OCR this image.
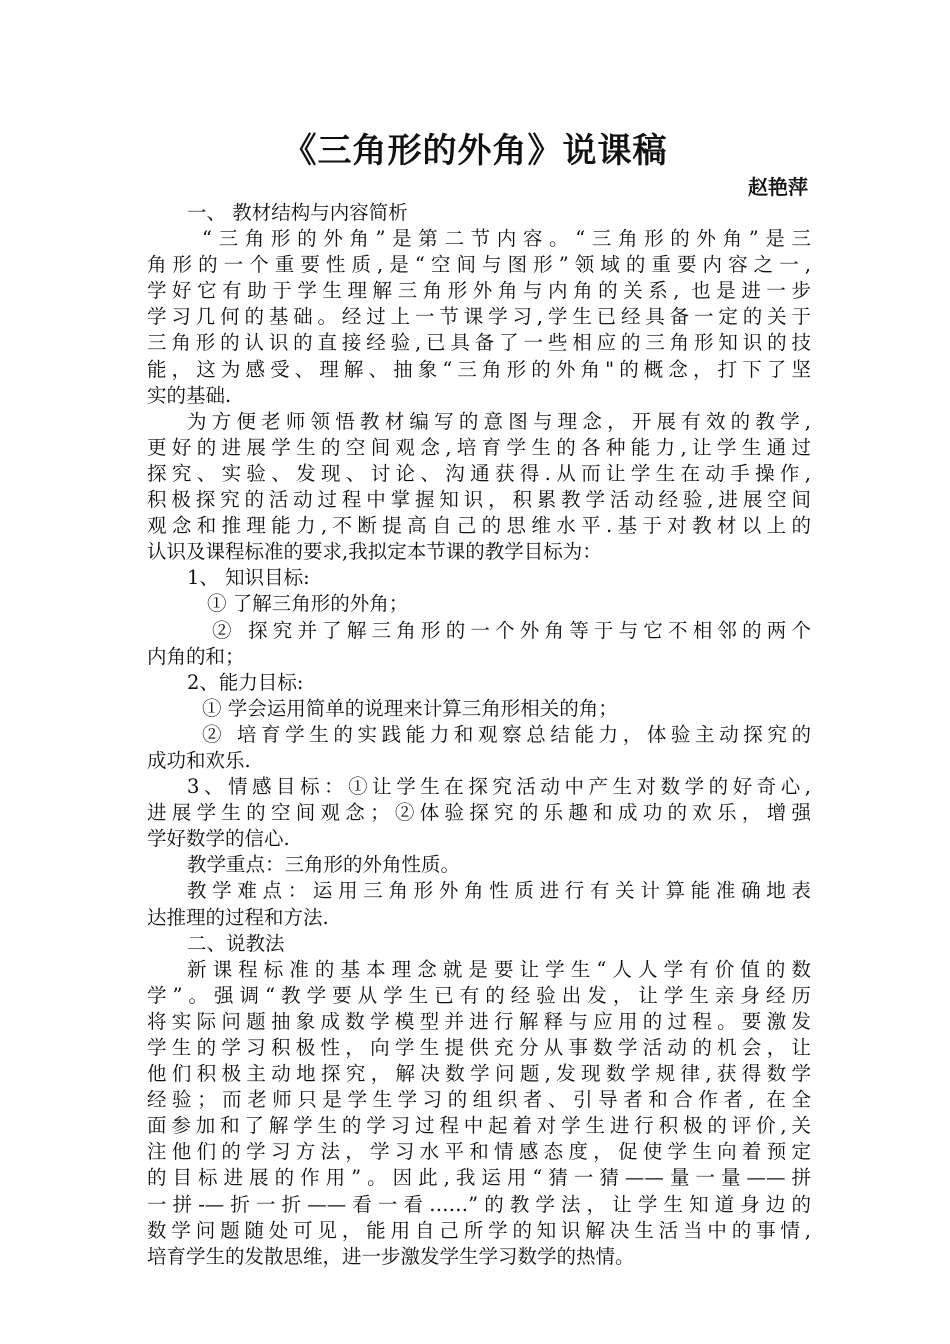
《三角形的外角》说课稿
赵艳萍
一、 教材结构与内容简析
“三角形的外角”是第二节内容。“三角形的外角”是三
角形的一个重要性质,是“空间与图形”领域的重要内容之一,
学好它有助于学生理解三角形外角与内角的关系, 也是进一步
学习几何的基础。经过上一节课学习,学生已经具备一定的关于
三角形的认识的直接经验,已具备了一些相应的三角形知识的技
能，这为感受、理解、抽象“三角形的外角"的概念，打下了坚
实的基础.
为方便老师领悟教材编写的意图与理念，开展有效的教学,
更好的进展学生的空间观念,培育学生的各种能力,让学生通过
探究、实验、发现、讨论、沟通获得.从而让学生在动手操作,
积极探究的活动过程中掌握知识，积累教学活动经验,进展空间
观念和推理能力,不断提高自己的思维水平.基于对教材以上的
认识及课程标准的要求,我拟定本节课的教学目标为：
1、 知识目标:
① 了解三角形的外角；
② 探究并了解三角形的一个外角等于与它不相邻的两个
内角的和；
2、能力目标:
① 学会运用简单的说理来计算三角形相关的角；
② 培育学生的实践能力和观察总结能力，体验主动探究的
成功和欢乐.
3、情感目标：①让学生在探究活动中产生对数学的好奇心,
进展学生的空间观念；②体验探究的乐趣和成功的欢乐，增强
学好数学的信心.
教学重点：三角形的外角性质。
教学难点：运用三角形外角性质进行有关计算能准确地表
达推理的过程和方法.
二、说教法
新课程标准的基本理念就是要让学生“人人学有价值的数
学”。强调“教学要从学生已有的经验出发，让学生亲身经历
将实际问题抽象成数学模型并进行解释与应用的过程。要激发
学生的学习积极性，向学生提供充分从事数学活动的机会，让
他们积极主动地探究，解决数学问题,发现数学规律,获得数学
经验；而老师只是学生学习的组织者、引导者和合作者, 在全
面参加和了解学生的学习过程中起着对学生进行积极的评价,关
注他们的学习方法，学习水平和情感态度，促使学生向着预定
的目标进展的作用”。因此,我运用“猜一猜——量一量——拼
一拼-—折一折——看一看……”的教学法，让学生知道身边的
数学问题随处可见，能用自己所学的知识解决生活当中的事情,
培育学生的发散思维，进一步激发学生学习数学的热情。
